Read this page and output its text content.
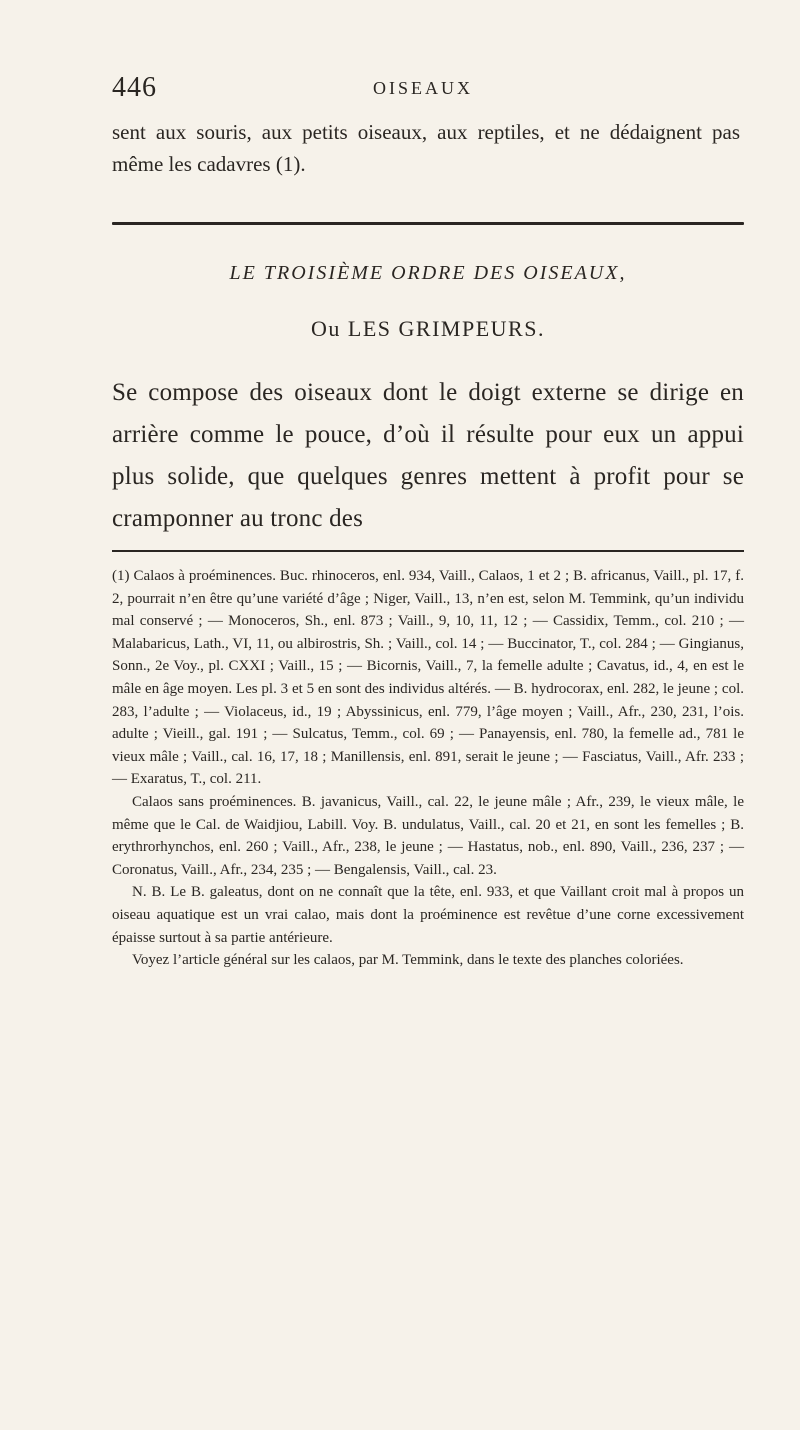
446	OISEAUX
sent aux souris, aux petits oiseaux, aux reptiles, et ne dédaignent pas même les cadavres (1).
LE TROISIÈME ORDRE DES OISEAUX,
Ou LES GRIMPEURS.
Se compose des oiseaux dont le doigt externe se dirige en arrière comme le pouce, d’où il résulte pour eux un appui plus solide, que quelques genres mettent à profit pour se cramponner au tronc des

(1) Calaos à proéminences. Buc. rhinoceros, enl. 934, Vaill., Calaos, 1 et 2 ; B. africanus, Vaill., pl. 17, f. 2, pourrait n’en être qu’une variété d’âge ; Niger, Vaill., 13, n’en est, selon M. Temmink, qu’un individu mal conservé ; — Monoceros, Sh., enl. 873 ; Vaill., 9, 10, 11, 12 ; — Cassidix, Temm., col. 210 ; — Malabaricus, Lath., VI, 11, ou albirostris, Sh. ; Vaill., col. 14 ; — Buccinator, T., col. 284 ; — Gingianus, Sonn., 2e Voy., pl. CXXI ; Vaill., 15 ; — Bicornis, Vaill., 7, la femelle adulte ; Cavatus, id., 4, en est le mâle en âge moyen. Les pl. 3 et 5 en sont des individus altérés. — B. hydrocorax, enl. 282, le jeune ; col. 283, l’adulte ; — Violaceus, id., 19 ; Abyssinicus, enl. 779, l’âge moyen ; Vaill., Afr., 230, 231, l’ois. adulte ; Vieill., gal. 191 ; — Sulcatus, Temm., col. 69 ; — Panayensis, enl. 780, la femelle ad., 781 le vieux mâle ; Vaill., cal. 16, 17, 18 ; Manillensis, enl. 891, serait le jeune ; — Fasciatus, Vaill., Afr. 233 ; — Exaratus, T., col. 211.

Calaos sans proéminences. B. javanicus, Vaill., cal. 22, le jeune mâle ; Afr., 239, le vieux mâle, le même que le Cal. de Waidjiou, Labill. Voy. B. undulatus, Vaill., cal. 20 et 21, en sont les femelles ; B. erythrorhynchos, enl. 260 ; Vaill., Afr., 238, le jeune ; — Hastatus, nob., enl. 890, Vaill., 236, 237 ; — Coronatus, Vaill., Afr., 234, 235 ; — Bengalensis, Vaill., cal. 23.

N. B. Le B. galeatus, dont on ne connaît que la tête, enl. 933, et que Vaillant croit mal à propos un oiseau aquatique est un vrai calao, mais dont la proéminence est revêtue d’une corne excessivement épaisse surtout à sa partie antérieure.

Voyez l’article général sur les calaos, par M. Temmink, dans le texte des planches coloriées.
